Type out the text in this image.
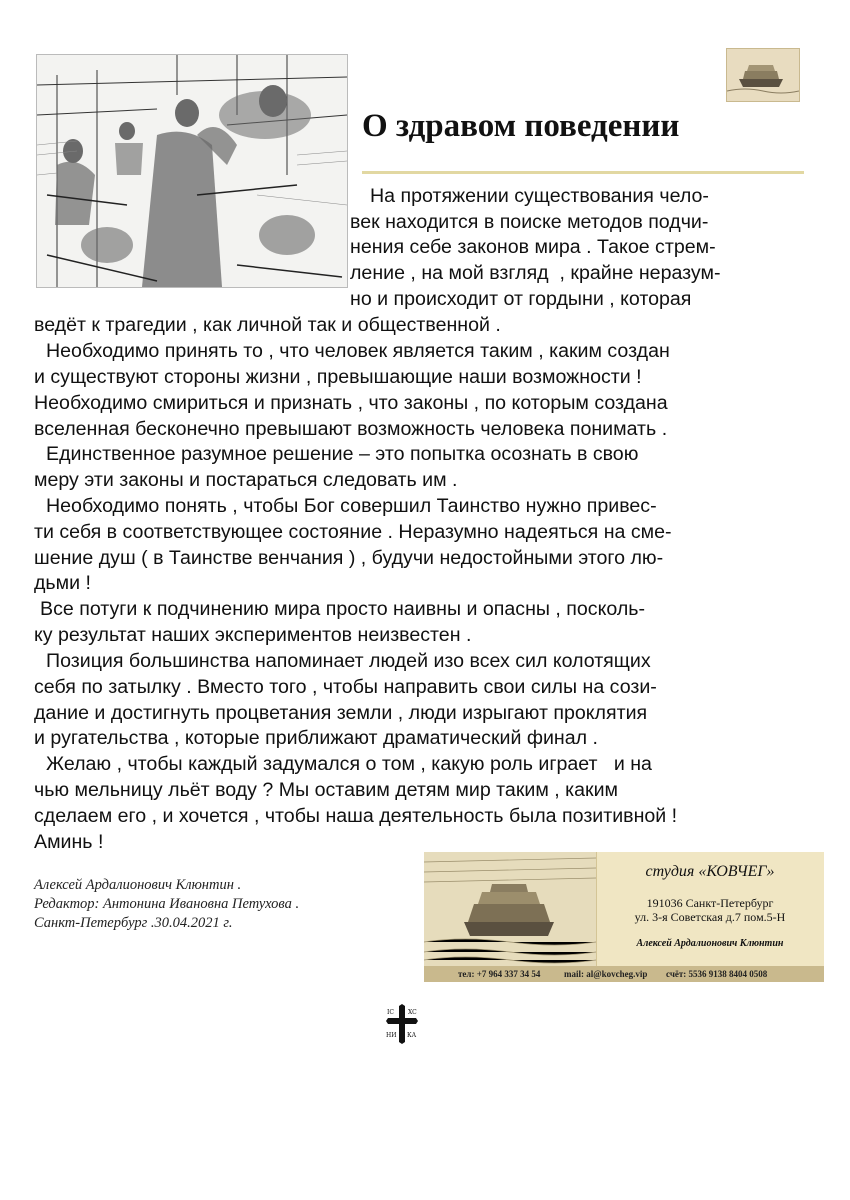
О здравом поведении
На протяжении существования чело-
век находится в поиске методов подчи-
нения себе законов мира . Такое стрем-
ление , на мой взгляд  , крайне неразум-
но и происходит от гордыни , которая
ведёт к трагедии , как личной так и общественной .
Необходимо принять то , что человек является таким , каким создан
и существуют стороны жизни , превышающие наши возможности !
Необходимо смириться и признать , что законы , по которым создана
вселенная бесконечно превышают возможность человека понимать .
Единственное разумное решение – это попытка осознать в свою
меру эти законы и постараться следовать им .
Необходимо понять , чтобы Бог совершил Таинство нужно привес-
ти себя в соответствующее состояние . Неразумно надеяться на сме-
шение душ ( в Таинстве венчания ) , будучи недостойными этого лю-
дьми !
Все потуги к подчинению мира просто наивны и опасны , посколь-
ку результат наших экспериментов неизвестен .
Позиция большинства напоминает людей изо всех сил колотящих
себя по затылку . Вместо того , чтобы направить свои силы на сози-
дание и достигнуть процветания земли , люди изрыгают проклятия
и ругательства , которые приближают драматический финал .
Желаю , чтобы каждый задумался о том , какую роль играет   и на
чью мельницу льёт воду ? Мы оставим детям мир таким , каким
сделаем его , и хочется , чтобы наша деятельность была позитивной !
Аминь !
Алексей Ардалионович Клюнтин .
Редактор: Антонина Ивановна Петухова .
Санкт-Петербург .30.04.2021 г.
студия «КОВЧЕГ»
191036 Санкт-Петербург
ул. 3-я Советская д.7 пом.5-Н
Алексей Ардалионович Клюнтин
тел: +7 964 337 34 54	mail: al@kovcheg.vip счёт: 5536 9138 8404 0508
IC XC
НИ КА
